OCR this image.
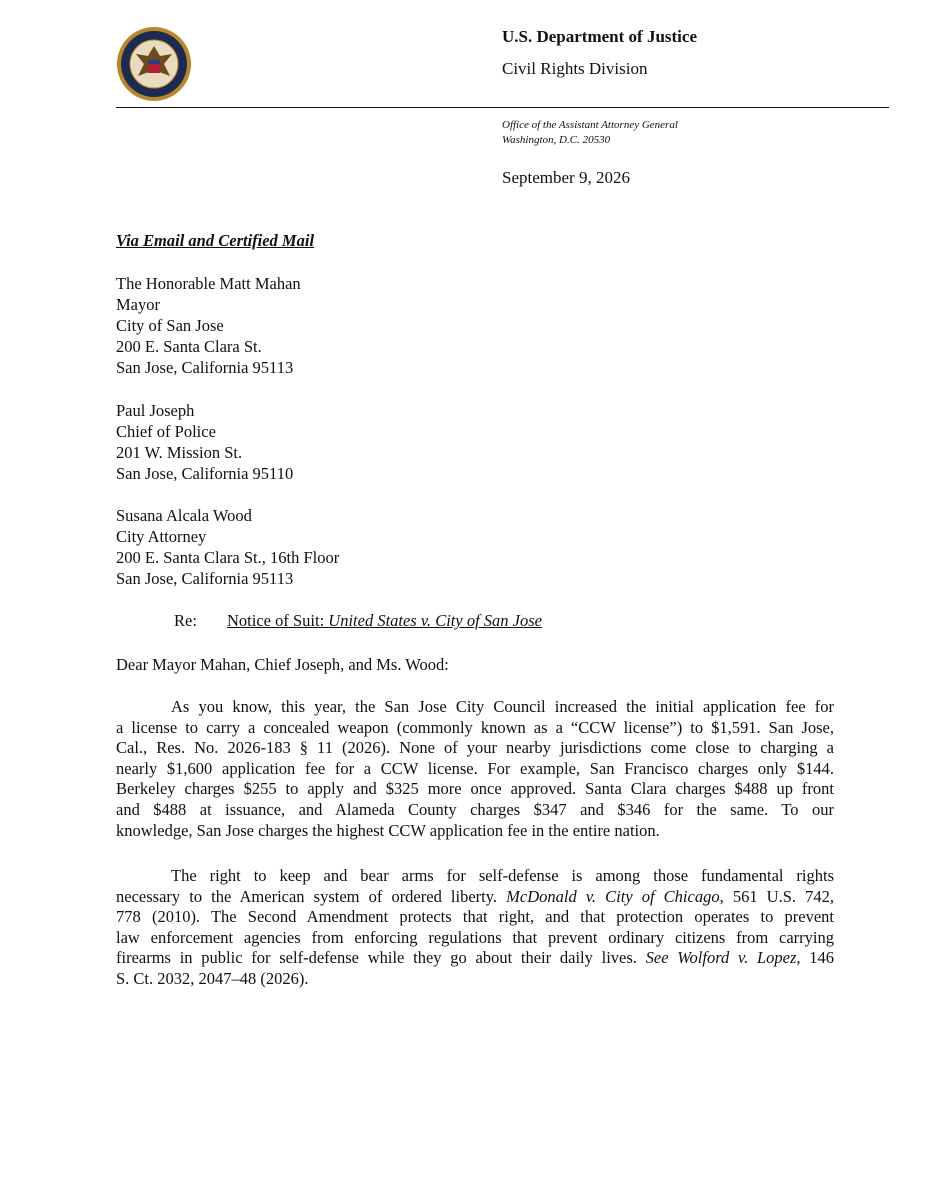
U.S. Department of Justice
Civil Rights Division
Office of the Assistant Attorney General
Washington, D.C. 20530
September 9, 2026
Via Email and Certified Mail
The Honorable Matt Mahan
Mayor
City of San Jose
200 E. Santa Clara St.
San Jose, California 95113
Paul Joseph
Chief of Police
201 W. Mission St.
San Jose, California 95110
Susana Alcala Wood
City Attorney
200 E. Santa Clara St., 16th Floor
San Jose, California 95113
Re: Notice of Suit: United States v. City of San Jose
Dear Mayor Mahan, Chief Joseph, and Ms. Wood:
As you know, this year, the San Jose City Council increased the initial application fee for
a license to carry a concealed weapon (commonly known as a “CCW license”) to $1,591. San Jose,
Cal., Res. No. 2026-183 § 11 (2026). None of your nearby jurisdictions come close to charging a
nearly $1,600 application fee for a CCW license. For example, San Francisco charges only $144.
Berkeley charges $255 to apply and $325 more once approved. Santa Clara charges $488 up front
and $488 at issuance, and Alameda County charges $347 and $346 for the same. To our
knowledge, San Jose charges the highest CCW application fee in the entire nation.
The right to keep and bear arms for self-defense is among those fundamental rights
necessary to the American system of ordered liberty. McDonald v. City of Chicago, 561 U.S. 742,
778 (2010). The Second Amendment protects that right, and that protection operates to prevent
law enforcement agencies from enforcing regulations that prevent ordinary citizens from carrying
firearms in public for self-defense while they go about their daily lives. See Wolford v. Lopez, 146
S. Ct. 2032, 2047–48 (2026).
